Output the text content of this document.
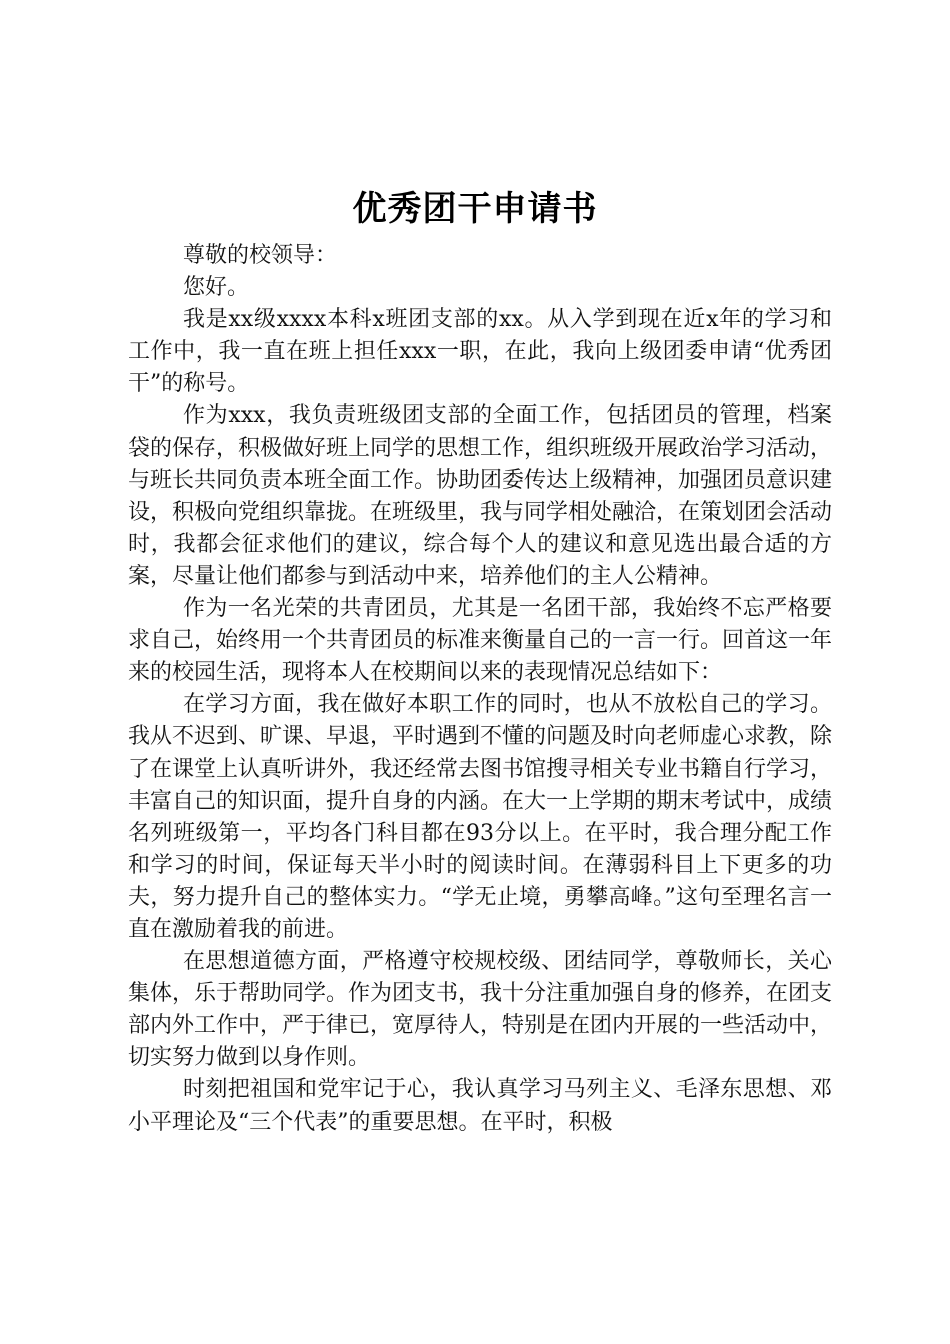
优秀团干申请书

尊敬的校领导：

您好。

我是xx级xxxx本科x班团支部的xx。从入学到现在近x年的学习和工作中，我一直在班上担任xxx一职，在此，我向上级团委申请“优秀团干”的称号。

作为xxx，我负责班级团支部的全面工作，包括团员的管理，档案袋的保存，积极做好班上同学的思想工作，组织班级开展政治学习活动，与班长共同负责本班全面工作。协助团委传达上级精神，加强团员意识建设，积极向党组织靠拢。在班级里，我与同学相处融洽，在策划团会活动时，我都会征求他们的建议，综合每个人的建议和意见选出最合适的方案，尽量让他们都参与到活动中来，培养他们的主人公精神。

作为一名光荣的共青团员，尤其是一名团干部，我始终不忘严格要求自己，始终用一个共青团员的标准来衡量自己的一言一行。回首这一年来的校园生活，现将本人在校期间以来的表现情况总结如下：

在学习方面，我在做好本职工作的同时，也从不放松自己的学习。我从不迟到、旷课、早退，平时遇到不懂的问题及时向老师虚心求教，除了在课堂上认真听讲外，我还经常去图书馆搜寻相关专业书籍自行学习，丰富自己的知识面，提升自身的内涵。在大一上学期的期末考试中，成绩名列班级第一，平均各门科目都在93分以上。在平时，我合理分配工作和学习的时间，保证每天半小时的阅读时间。在薄弱科目上下更多的功夫，努力提升自己的整体实力。“学无止境，勇攀高峰。”这句至理名言一直在激励着我的前进。

在思想道德方面，严格遵守校规校级、团结同学，尊敬师长，关心集体，乐于帮助同学。作为团支书，我十分注重加强自身的修养，在团支部内外工作中，严于律已，宽厚待人，特别是在团内开展的一些活动中，切实努力做到以身作则。

时刻把祖国和党牢记于心，我认真学习马列主义、毛泽东思想、邓小平理论及“三个代表”的重要思想。在平时，积极
